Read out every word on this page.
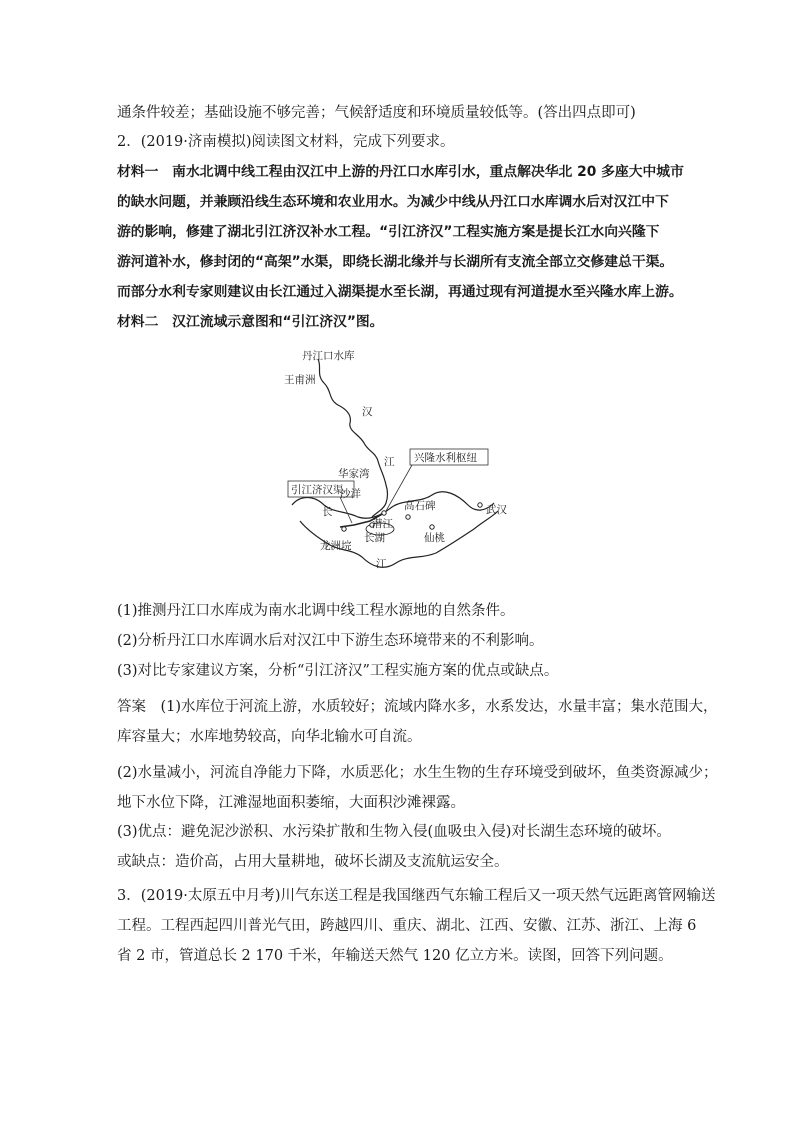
通条件较差；基础设施不够完善；气候舒适度和环境质量较低等。(答出四点即可)
2．(2019·济南模拟)阅读图文材料，完成下列要求。
材料一　南水北调中线工程由汉江中上游的丹江口水库引水，重点解决华北 20 多座大中城市
的缺水问题，并兼顾沿线生态环境和农业用水。为减少中线从丹江口水库调水后对汉江中下
游的影响，修建了湖北引江济汉补水工程。“引江济汉”工程实施方案是提长江水向兴隆下
游河道补水，修封闭的“高架”水渠，即绕长湖北缘并与长湖所有支流全部立交修建总干渠。
而部分水利专家则建议由长江通过入湖渠提水至长湖，再通过现有河道提水至兴隆水库上游。
材料二　汉江流域示意图和“引江济汉”图。
丹江口水库
王甫洲
汉
江
华家湾
沙洋
兴隆水利枢纽
引江济汉渠
高石碑	武汉
长
潜江
长湖	仙桃
龙洲垸
江
(1)推测丹江口水库成为南水北调中线工程水源地的自然条件。
(2)分析丹江口水库调水后对汉江中下游生态环境带来的不利影响。
(3)对比专家建议方案，分析“引江济汉”工程实施方案的优点或缺点。
答案　(1)水库位于河流上游，水质较好；流域内降水多，水系发达，水量丰富；集水范围大，
库容量大；水库地势较高，向华北输水可自流。
(2)水量减小，河流自净能力下降，水质恶化；水生生物的生存环境受到破坏，鱼类资源减少；
地下水位下降，江滩湿地面积萎缩，大面积沙滩裸露。
(3)优点：避免泥沙淤积、水污染扩散和生物入侵(血吸虫入侵)对长湖生态环境的破坏。
或缺点：造价高，占用大量耕地，破坏长湖及支流航运安全。
3．(2019·太原五中月考)川气东送工程是我国继西气东输工程后又一项天然气远距离管网输送
工程。工程西起四川普光气田，跨越四川、重庆、湖北、江西、安徽、江苏、浙江、上海 6
省 2 市，管道总长 2 170 千米，年输送天然气 120 亿立方米。读图，回答下列问题。
